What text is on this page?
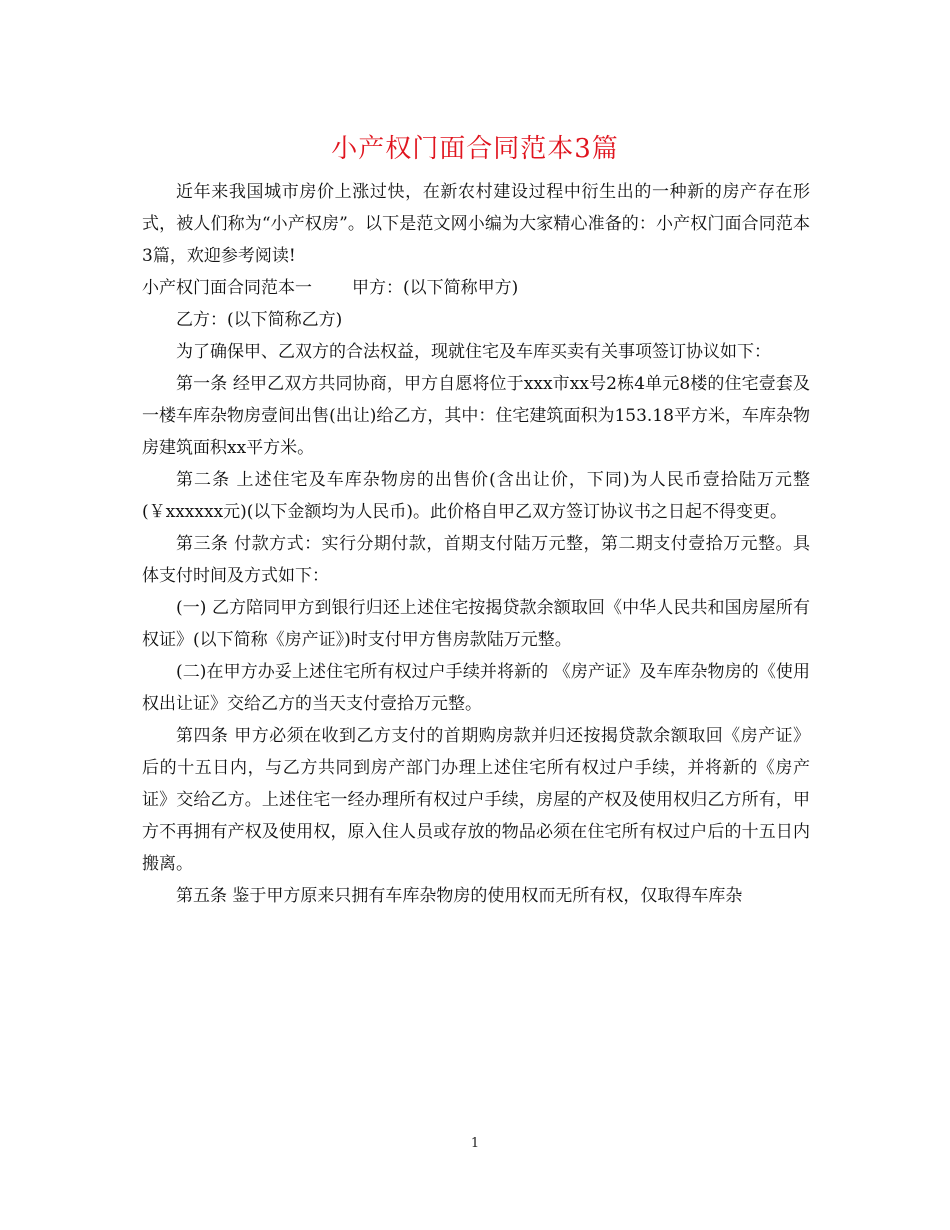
小产权门面合同范本3篇

近年来我国城市房价上涨过快，在新农村建设过程中衍生出的一种新的房产存在形式，被人们称为“小产权房”。以下是范文网小编为大家精心准备的：小产权门面合同范本3篇，欢迎参考阅读!

小产权门面合同范本一 甲方：(以下简称甲方)

乙方：(以下简称乙方)

为了确保甲、乙双方的合法权益，现就住宅及车库买卖有关事项签订协议如下：

第一条 经甲乙双方共同协商，甲方自愿将位于xxx市xx号2栋4单元8楼的住宅壹套及一楼车库杂物房壹间出售(出让)给乙方，其中：住宅建筑面积为153.18平方米，车库杂物房建筑面积xx平方米。

第二条 上述住宅及车库杂物房的出售价(含出让价，下同)为人民币壹拾陆万元整(￥xxxxxx元)(以下金额均为人民币)。此价格自甲乙双方签订协议书之日起不得变更。

第三条 付款方式：实行分期付款，首期支付陆万元整，第二期支付壹拾万元整。具体支付时间及方式如下：

(一) 乙方陪同甲方到银行归还上述住宅按揭贷款余额取回《中华人民共和国房屋所有权证》(以下简称《房产证》)时支付甲方售房款陆万元整。

(二)在甲方办妥上述住宅所有权过户手续并将新的 《房产证》及车库杂物房的《使用权出让证》交给乙方的当天支付壹拾万元整。

第四条 甲方必须在收到乙方支付的首期购房款并归还按揭贷款余额取回《房产证》后的十五日内，与乙方共同到房产部门办理上述住宅所有权过户手续，并将新的《房产证》交给乙方。上述住宅一经办理所有权过户手续，房屋的产权及使用权归乙方所有，甲方不再拥有产权及使用权，原入住人员或存放的物品必须在住宅所有权过户后的十五日内搬离。

第五条 鉴于甲方原来只拥有车库杂物房的使用权而无所有权，仅取得车库杂

1
